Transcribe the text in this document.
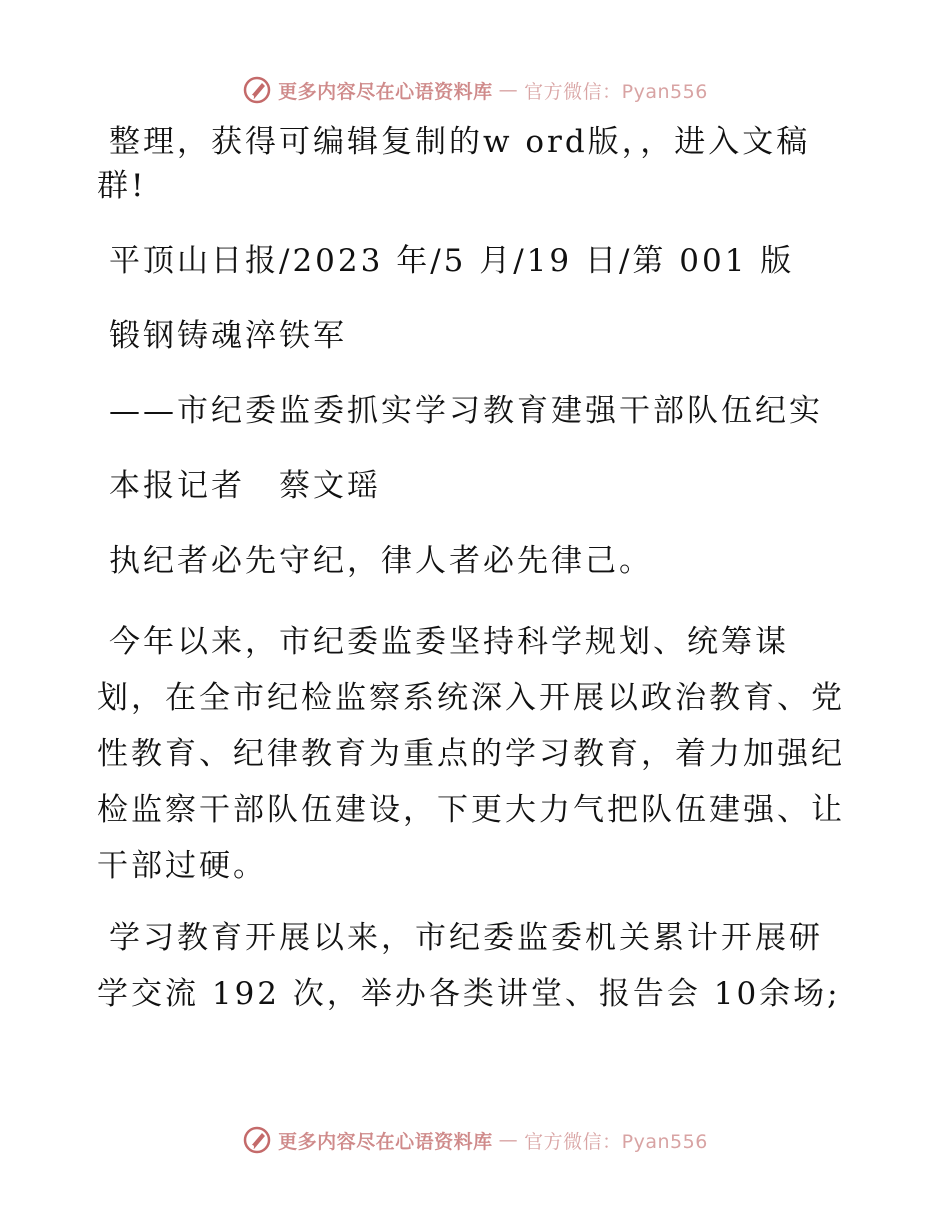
更多内容尽在心语资料库 — 官方微信：Pyan556

整理，获得可编辑复制的w ord版，，进入文稿群!

平顶山日报/2023 年/5 月/19 日/第 001 版

锻钢铸魂淬铁军

——市纪委监委抓实学习教育建强干部队伍纪实

本报记者　蔡文瑶

执纪者必先守纪，律人者必先律己。

今年以来，市纪委监委坚持科学规划、统筹谋划，在全市纪检监察系统深入开展以政治教育、党性教育、纪律教育为重点的学习教育，着力加强纪检监察干部队伍建设，下更大力气把队伍建强、让干部过硬。

学习教育开展以来，市纪委监委机关累计开展研学交流 192 次，举办各类讲堂、报告会 10余场;

更多内容尽在心语资料库 — 官方微信：Pyan556
